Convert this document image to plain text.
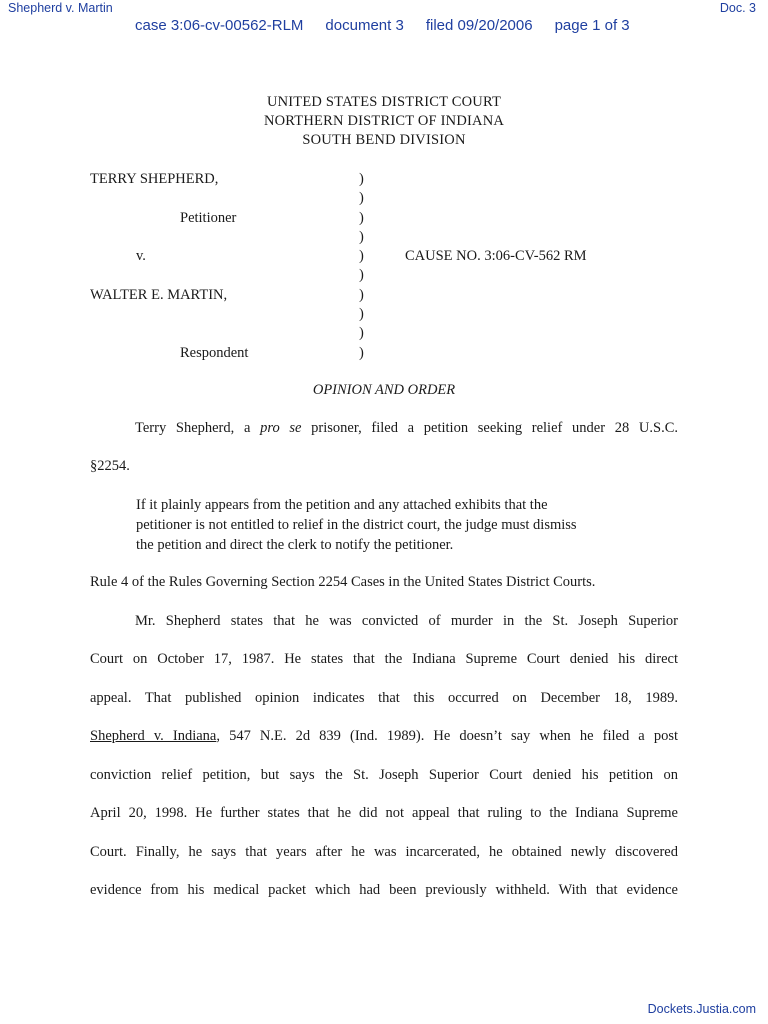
Shepherd v. Martin	Doc. 3
case 3:06-cv-00562-RLM document 3 filed 09/20/2006 page 1 of 3
UNITED STATES DISTRICT COURT
NORTHERN DISTRICT OF INDIANA
SOUTH BEND DIVISION
TERRY SHEPHERD,
Petitioner
v.
WALTER E. MARTIN,
Respondent
CAUSE NO. 3:06-CV-562 RM
)
)
)
)
)
)
)
)
)
)
OPINION AND ORDER
Terry Shepherd, a pro se prisoner, filed a petition seeking relief under 28 U.S.C.
§2254.
If it plainly appears from the petition and any attached exhibits that the
petitioner is not entitled to relief in the district court, the judge must dismiss
the petition and direct the clerk to notify the petitioner.
Rule 4 of the Rules Governing Section 2254 Cases in the United States District Courts.
Mr. Shepherd states that he was convicted of murder in the St. Joseph Superior
Court on October 17, 1987. He states that the Indiana Supreme Court denied his direct
appeal. That published opinion indicates that this occurred on December 18, 1989.
Shepherd v. Indiana, 547 N.E. 2d 839 (Ind. 1989). He doesn’t say when he filed a post
conviction relief petition, but says the St. Joseph Superior Court denied his petition on
April 20, 1998. He further states that he did not appeal that ruling to the Indiana Supreme
Court. Finally, he says that years after he was incarcerated, he obtained newly discovered
evidence from his medical packet which had been previously withheld. With that evidence
Dockets.Justia.com
